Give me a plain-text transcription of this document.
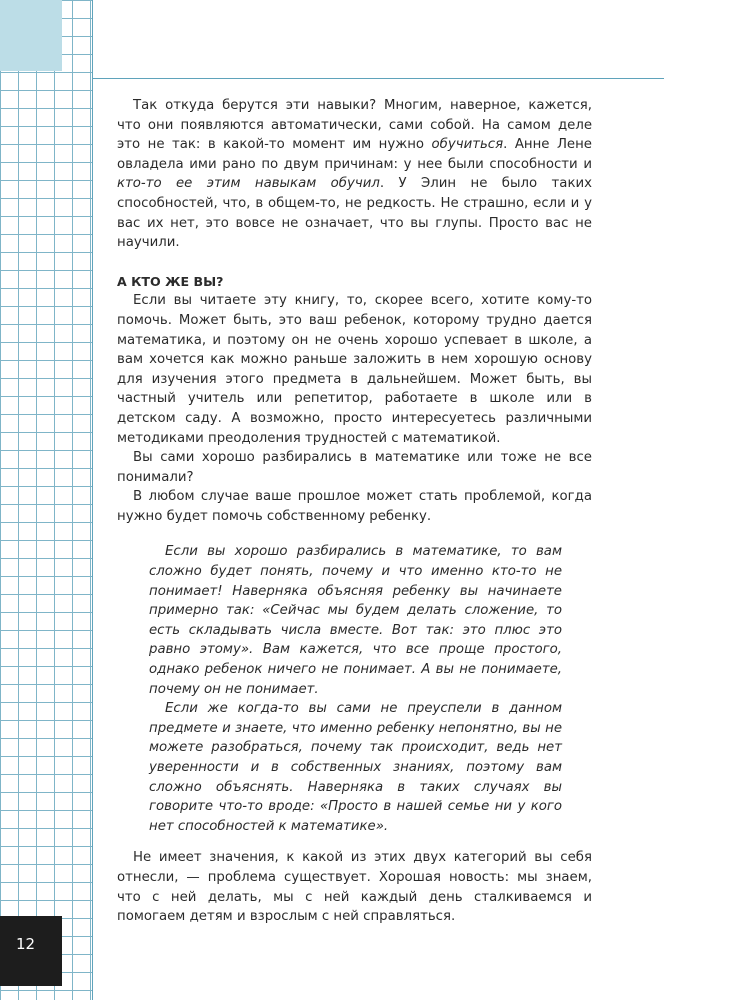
12

Так откуда берутся эти навыки? Многим, наверное, кажется, что они появляются автоматически, сами собой. На самом деле это не так: в какой-то момент им нужно обучиться. Анне Лене овладела ими рано по двум причинам: у нее были способности и кто-то ее этим навыкам обучил. У Элин не было таких способностей, что, в общем-то, не редкость. Не страшно, если и у вас их нет, это вовсе не означает, что вы глупы. Просто вас не научили.

А КТО ЖЕ ВЫ?

Если вы читаете эту книгу, то, скорее всего, хотите кому-то помочь. Может быть, это ваш ребенок, которому трудно дается математика, и поэтому он не очень хорошо успевает в школе, а вам хочется как можно раньше заложить в нем хорошую основу для изучения этого предмета в дальнейшем. Может быть, вы частный учитель или репетитор, работаете в школе или в детском саду. А возможно, просто интересуетесь различными методиками преодоления трудностей с математикой.

Вы сами хорошо разбирались в математике или тоже не все понимали?

В любом случае ваше прошлое может стать проблемой, когда нужно будет помочь собственному ребенку.

Если вы хорошо разбирались в математике, то вам сложно будет понять, почему и что именно кто-то не понимает! Наверняка объясняя ребенку вы начинаете примерно так: «Сейчас мы будем делать сложение, то есть складывать числа вместе. Вот так: это плюс это равно этому». Вам кажется, что все проще простого, однако ребенок ничего не понимает. А вы не понимаете, почему он не понимает.

Если же когда-то вы сами не преуспели в данном предмете и знаете, что именно ребенку непонятно, вы не можете разобраться, почему так происходит, ведь нет уверенности и в собственных знаниях, поэтому вам сложно объяснять. Наверняка в таких случаях вы говорите что-то вроде: «Просто в нашей семье ни у кого нет способностей к математике».

Не имеет значения, к какой из этих двух категорий вы себя отнесли, — проблема существует. Хорошая новость: мы знаем, что с ней делать, мы с ней каждый день сталкиваемся и помогаем детям и взрослым с ней справляться.
